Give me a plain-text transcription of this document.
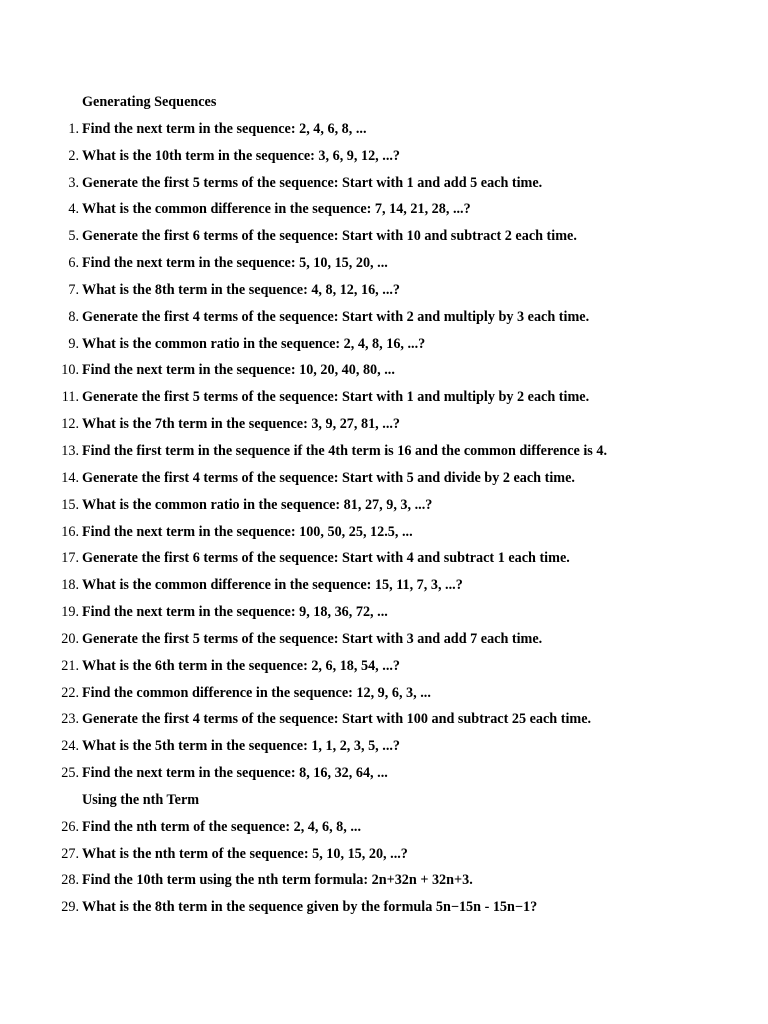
Generating Sequences
1. Find the next term in the sequence: 2, 4, 6, 8, ...
2. What is the 10th term in the sequence: 3, 6, 9, 12, ...?
3. Generate the first 5 terms of the sequence: Start with 1 and add 5 each time.
4. What is the common difference in the sequence: 7, 14, 21, 28, ...?
5. Generate the first 6 terms of the sequence: Start with 10 and subtract 2 each time.
6. Find the next term in the sequence: 5, 10, 15, 20, ...
7. What is the 8th term in the sequence: 4, 8, 12, 16, ...?
8. Generate the first 4 terms of the sequence: Start with 2 and multiply by 3 each time.
9. What is the common ratio in the sequence: 2, 4, 8, 16, ...?
10. Find the next term in the sequence: 10, 20, 40, 80, ...
11. Generate the first 5 terms of the sequence: Start with 1 and multiply by 2 each time.
12. What is the 7th term in the sequence: 3, 9, 27, 81, ...?
13. Find the first term in the sequence if the 4th term is 16 and the common difference is 4.
14. Generate the first 4 terms of the sequence: Start with 5 and divide by 2 each time.
15. What is the common ratio in the sequence: 81, 27, 9, 3, ...?
16. Find the next term in the sequence: 100, 50, 25, 12.5, ...
17. Generate the first 6 terms of the sequence: Start with 4 and subtract 1 each time.
18. What is the common difference in the sequence: 15, 11, 7, 3, ...?
19. Find the next term in the sequence: 9, 18, 36, 72, ...
20. Generate the first 5 terms of the sequence: Start with 3 and add 7 each time.
21. What is the 6th term in the sequence: 2, 6, 18, 54, ...?
22. Find the common difference in the sequence: 12, 9, 6, 3, ...
23. Generate the first 4 terms of the sequence: Start with 100 and subtract 25 each time.
24. What is the 5th term in the sequence: 1, 1, 2, 3, 5, ...?
25. Find the next term in the sequence: 8, 16, 32, 64, ...
Using the nth Term
26. Find the nth term of the sequence: 2, 4, 6, 8, ...
27. What is the nth term of the sequence: 5, 10, 15, 20, ...?
28. Find the 10th term using the nth term formula: 2n+32n + 32n+3.
29. What is the 8th term in the sequence given by the formula 5n−15n - 15n−1?
